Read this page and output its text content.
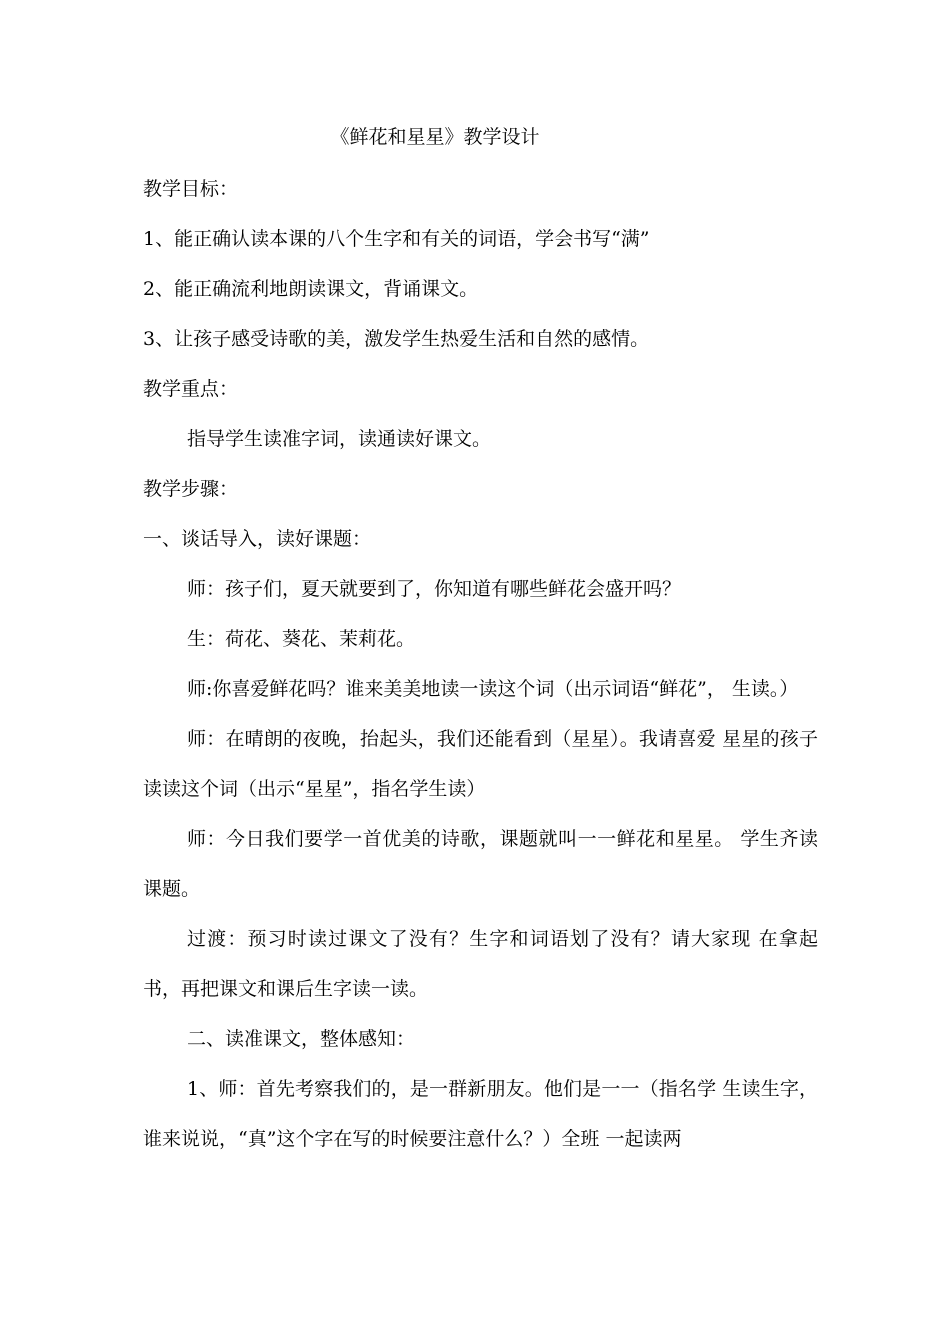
《鲜花和星星》教学设计

教学目标：

1、能正确认读本课的八个生字和有关的词语，学会书写“满”

2、能正确流利地朗读课文，背诵课文。

3、让孩子感受诗歌的美，激发学生热爱生活和自然的感情。

教学重点：

指导学生读准字词，读通读好课文。

教学步骤：

一、谈话导入，读好课题：

师：孩子们，夏天就要到了，你知道有哪些鲜花会盛开吗？

生：荷花、葵花、茉莉花。

师:你喜爱鲜花吗？谁来美美地读一读这个词（出示词语“鲜花”， 生读。）

师：在晴朗的夜晚，抬起头，我们还能看到（星星）。我请喜爱 星星的孩子读读这个词（出示“星星”，指名学生读）

师：今日我们要学一首优美的诗歌，课题就叫一一鲜花和星星。 学生齐读课题。

过渡：预习时读过课文了没有？生字和词语划了没有？请大家现 在拿起书，再把课文和课后生字读一读。

二、读准课文，整体感知：

1、师：首先考察我们的，是一群新朋友。他们是一一（指名学 生读生字，谁来说说，“真”这个字在写的时候要注意什么？）全班 一起读两
